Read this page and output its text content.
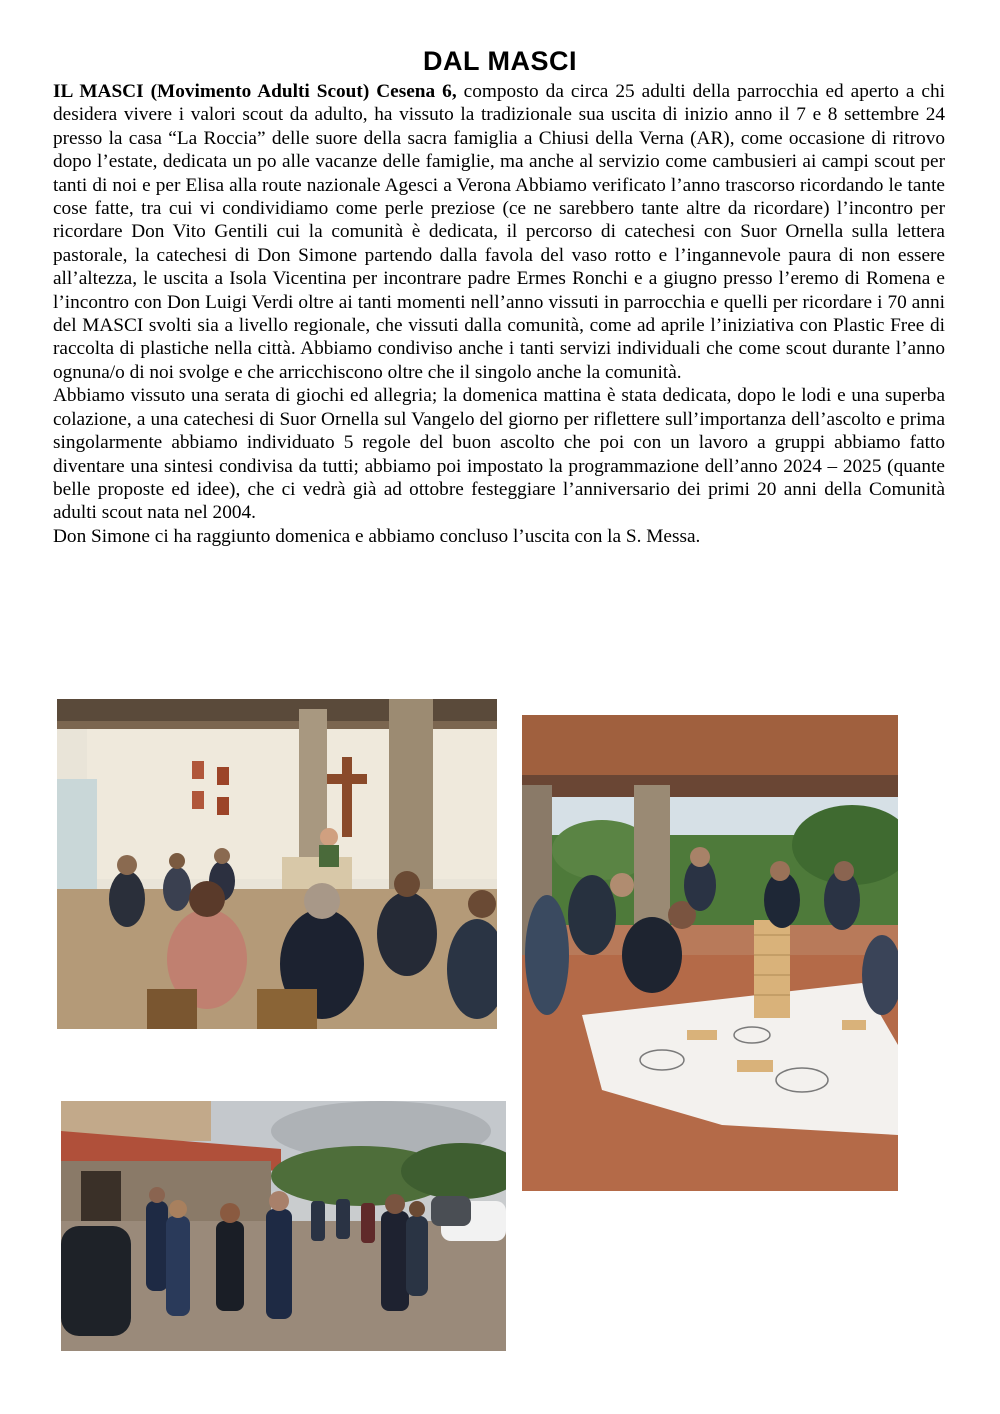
DAL MASCI

IL MASCI (Movimento Adulti Scout) Cesena 6, composto da circa 25 adulti della parrocchia ed aperto a chi desidera vivere i valori scout da adulto, ha vissuto la tradizionale sua uscita di inizio anno il 7 e 8 settembre 24 presso la casa “La Roccia” delle suore della sacra famiglia a Chiusi della Verna (AR), come occasione di ritrovo dopo l’estate, dedicata un po alle vacanze delle famiglie, ma anche al servizio come cambusieri ai campi scout per tanti di noi e per Elisa alla route nazionale Agesci a Verona Abbiamo verificato l’anno trascorso ricordando le tante cose fatte, tra cui vi condividiamo come perle preziose (ce ne sarebbero tante altre da ricordare) l’incontro per ricordare Don Vito Gentili cui la comunità è dedicata, il percorso di catechesi con Suor Ornella sulla lettera pastorale, la catechesi di Don Simone partendo dalla favola del vaso rotto e l’ingannevole paura di non essere all’altezza, le uscita a Isola Vicentina per incontrare padre Ermes Ronchi e a giugno presso l’eremo di Romena e l’incontro con Don Luigi Verdi oltre ai tanti momenti nell’anno vissuti in parrocchia e quelli per ricordare i 70 anni del MASCI svolti sia a livello regionale, che vissuti dalla comunità, come ad aprile l’iniziativa con Plastic Free di raccolta di plastiche nella città. Abbiamo condiviso anche i tanti servizi individuali che come scout durante l’anno ognuna/o di noi svolge e che arricchiscono oltre che il singolo anche la comunità.

Abbiamo vissuto una serata di giochi ed allegria; la domenica mattina è stata dedicata, dopo le lodi e una superba colazione, a una catechesi di Suor Ornella sul Vangelo del giorno per riflettere sull’importanza dell’ascolto e prima singolarmente abbiamo individuato 5 regole del buon ascolto che poi con un lavoro a gruppi abbiamo fatto diventare una sintesi condivisa da tutti; abbiamo poi impostato la programmazione dell’anno 2024 – 2025 (quante belle proposte ed idee), che ci vedrà già ad ottobre festeggiare l’anniversario dei primi 20 anni della Comunità adulti scout nata nel 2004.

Don Simone ci ha raggiunto domenica e abbiamo concluso l’uscita con la S. Messa.
